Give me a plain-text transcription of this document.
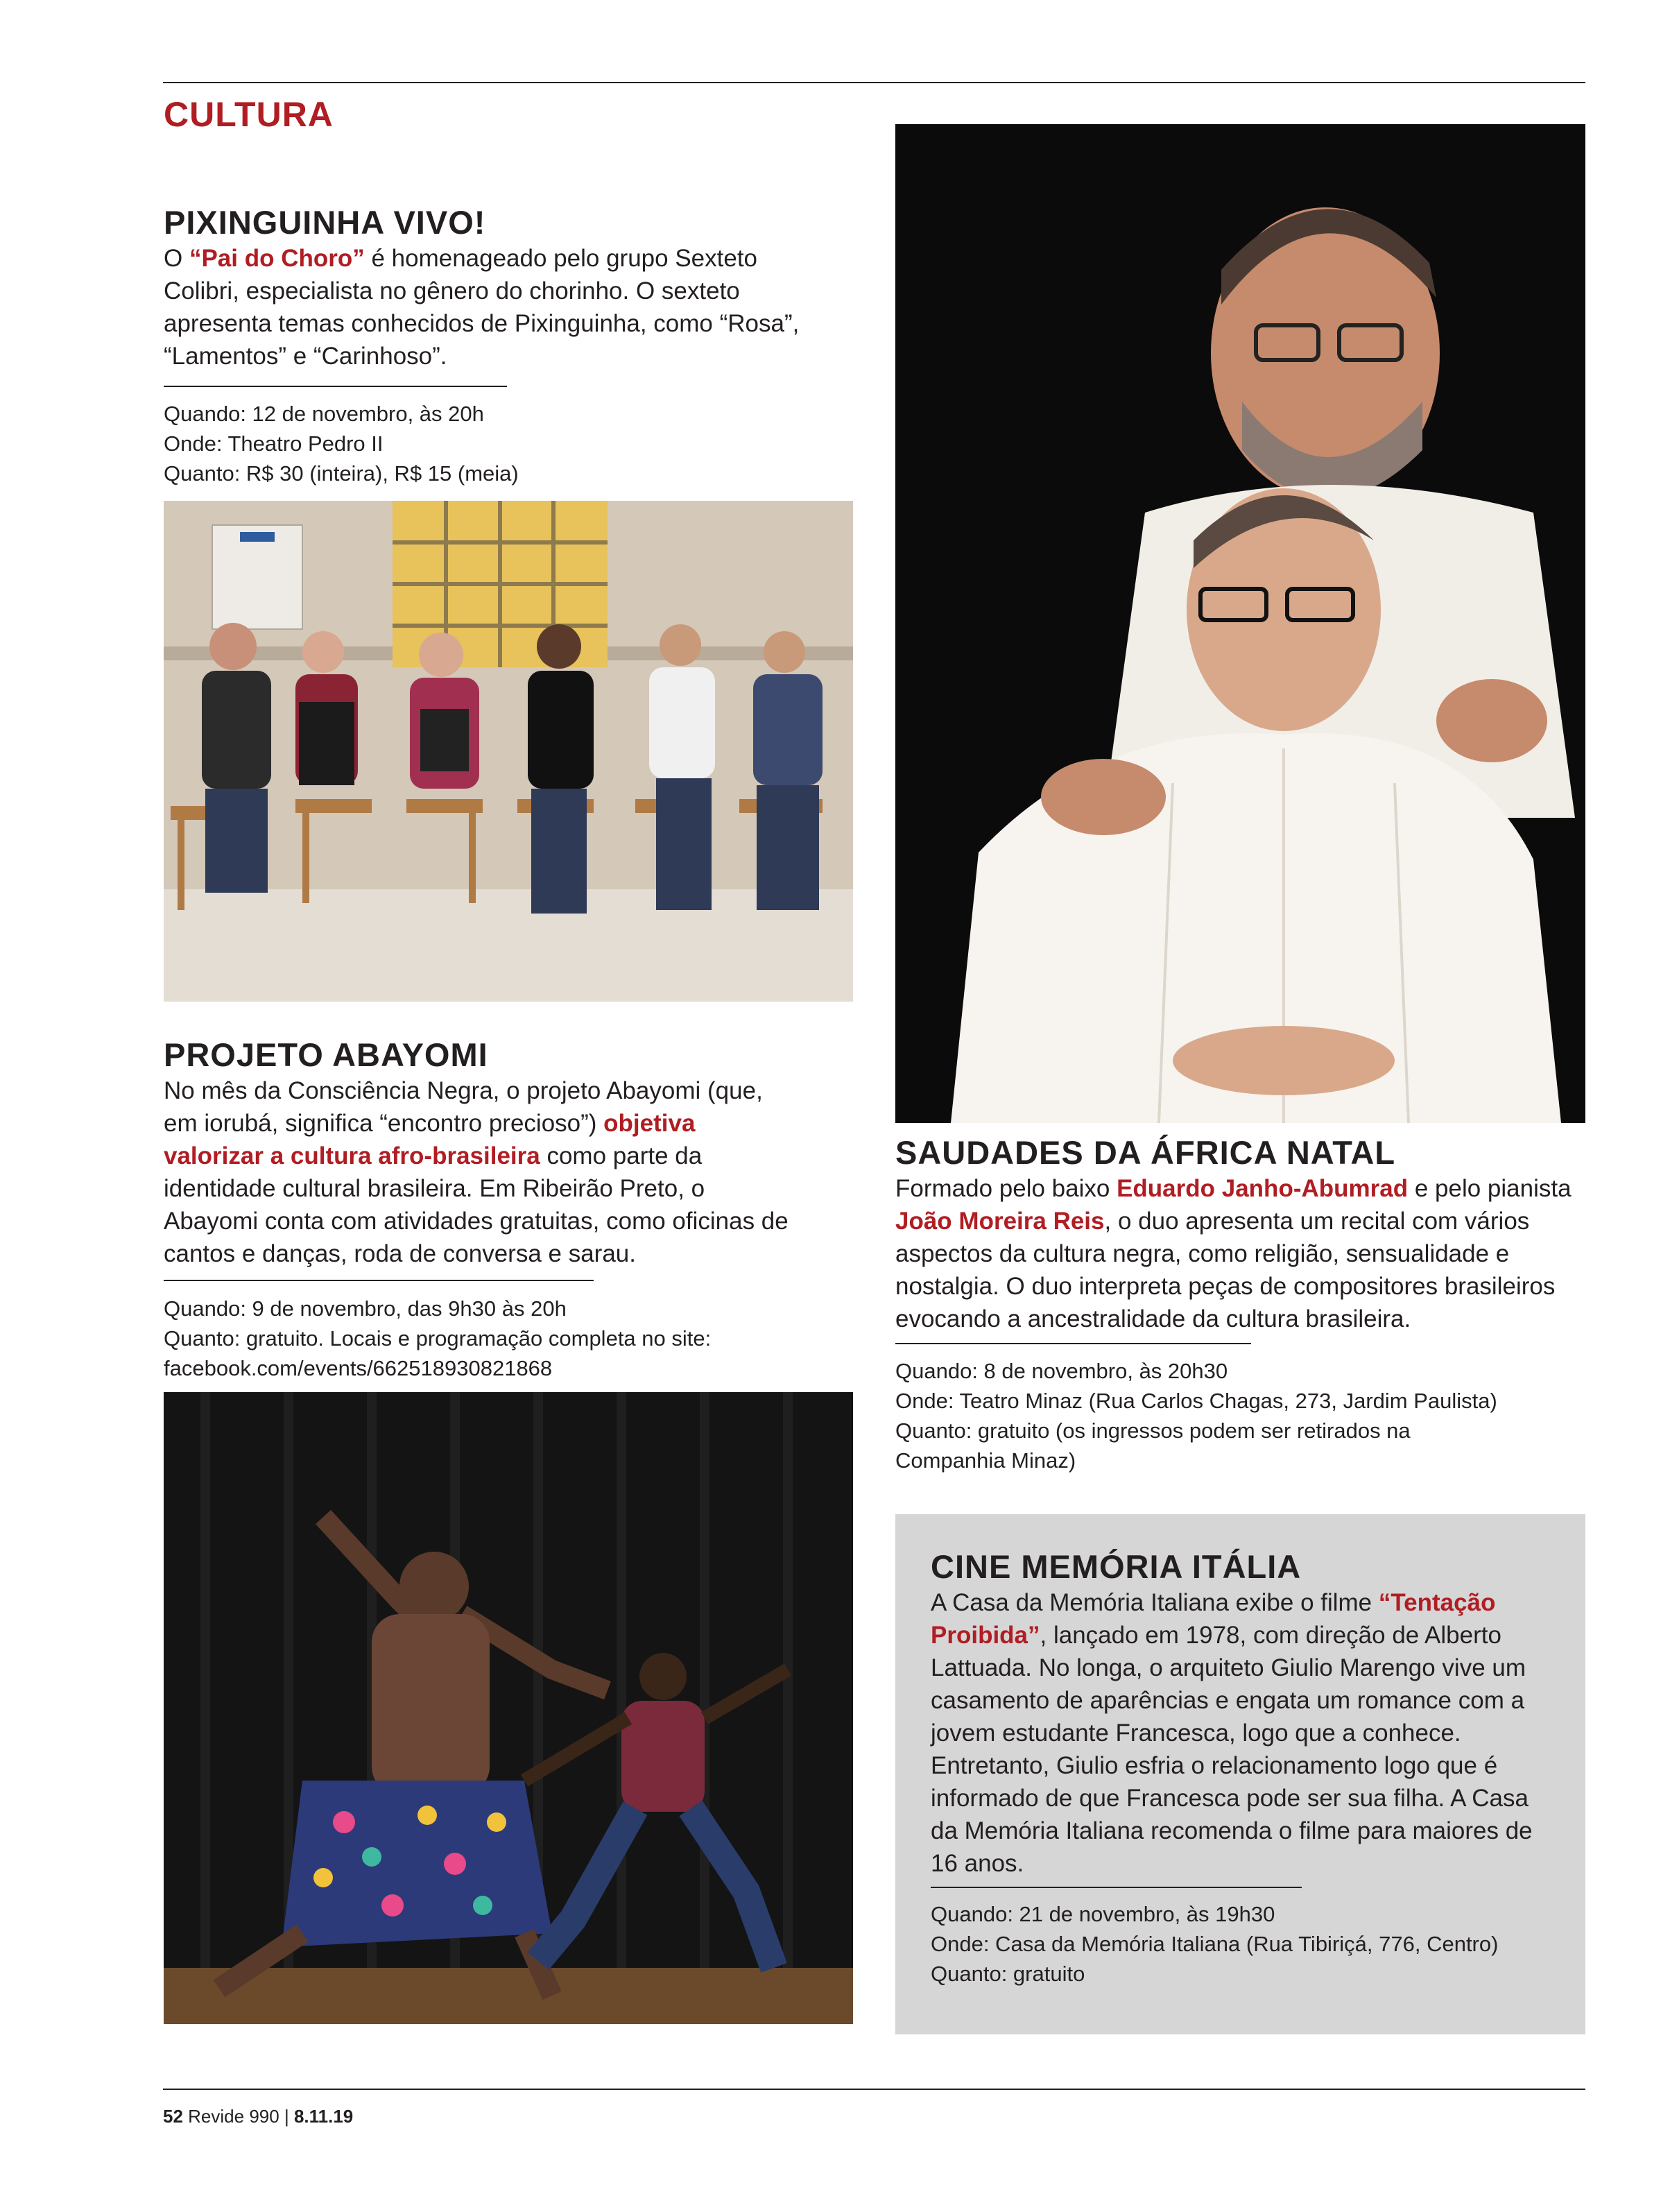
CULTURA
PIXINGUINHA VIVO!

O “Pai do Choro” é homenageado pelo grupo Sexteto Colibri, especialista no gênero do chorinho. O sexteto apresenta temas conhecidos de Pixinguinha, como “Rosa”, “Lamentos” e “Carinhoso”.

Quando: 12 de novembro, às 20h
Onde: Theatro Pedro II
Quanto: R$ 30 (inteira), R$ 15 (meia)
PROJETO ABAYOMI

No mês da Consciência Negra, o projeto Abayomi (que, em iorubá, significa “encontro precioso”) objetiva valorizar a cultura afro-brasileira como parte da identidade cultural brasileira. Em Ribeirão Preto, o Abayomi conta com atividades gratuitas, como oficinas de cantos e danças, roda de conversa e sarau.

Quando: 9 de novembro, das 9h30 às 20h
Quanto: gratuito. Locais e programação completa no site:
facebook.com/events/662518930821868
SAUDADES DA ÁFRICA NATAL

Formado pelo baixo Eduardo Janho-Abumrad e pelo pianista João Moreira Reis, o duo apresenta um recital com vários aspectos da cultura negra, como religião, sensualidade e nostalgia. O duo interpreta peças de compositores brasileiros evocando a ancestralidade da cultura brasileira.

Quando: 8 de novembro, às 20h30
Onde: Teatro Minaz (Rua Carlos Chagas, 273, Jardim Paulista)
Quanto: gratuito (os ingressos podem ser retirados na
Companhia Minaz)
CINE MEMÓRIA ITÁLIA

A Casa da Memória Italiana exibe o filme “Tentação Proibida”, lançado em 1978, com direção de Alberto Lattuada. No longa, o arquiteto Giulio Marengo vive um casamento de aparências e engata um romance com a jovem estudante Francesca, logo que a conhece. Entretanto, Giulio esfria o relacionamento logo que é informado de que Francesca pode ser sua filha. A Casa da Memória Italiana recomenda o filme para maiores de 16 anos.

Quando: 21 de novembro, às 19h30
Onde: Casa da Memória Italiana (Rua Tibiriçá, 776, Centro)
Quanto: gratuito
52 Revide 990 | 8.11.19
